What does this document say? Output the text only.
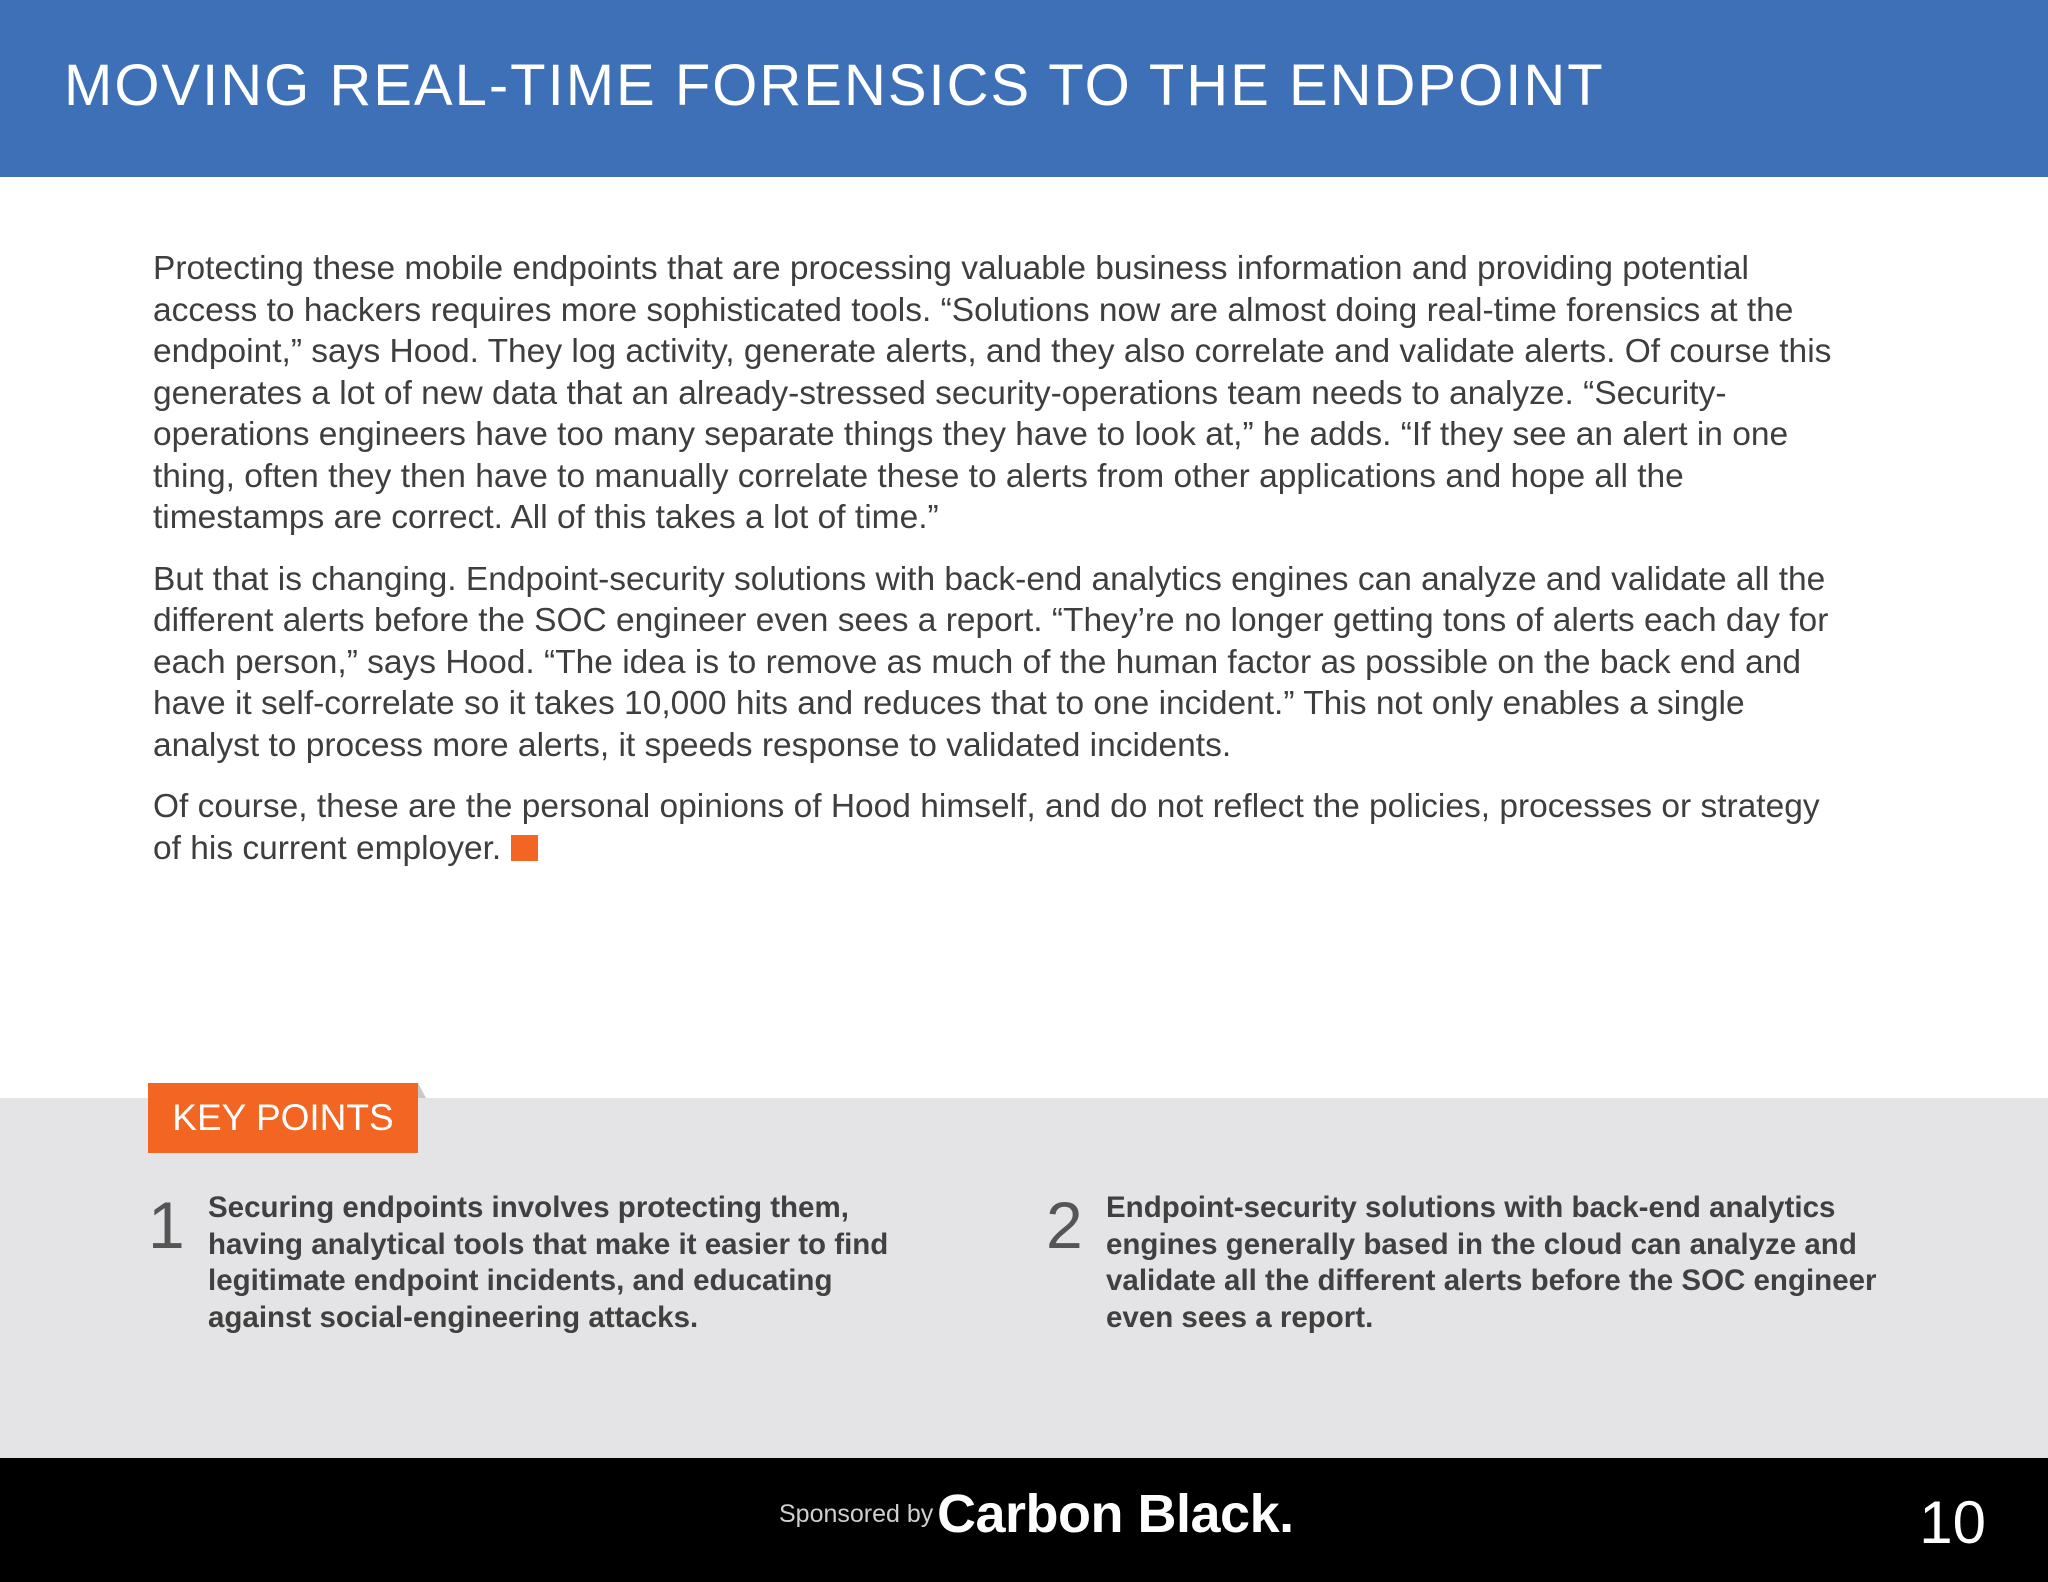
MOVING REAL-TIME FORENSICS TO THE ENDPOINT

Protecting these mobile endpoints that are processing valuable business information and providing potential access to hackers requires more sophisticated tools. “Solutions now are almost doing real-time forensics at the endpoint,” says Hood. They log activity, generate alerts, and they also correlate and validate alerts. Of course this generates a lot of new data that an already-stressed security-operations team needs to analyze. “Security-operations engineers have too many separate things they have to look at,” he adds. “If they see an alert in one thing, often they then have to manually correlate these to alerts from other applications and hope all the timestamps are correct. All of this takes a lot of time.”

But that is changing. Endpoint-security solutions with back-end analytics engines can analyze and validate all the different alerts before the SOC engineer even sees a report. “They’re no longer getting tons of alerts each day for each person,” says Hood. “The idea is to remove as much of the human factor as possible on the back end and have it self-correlate so it takes 10,000 hits and reduces that to one incident.” This not only enables a single analyst to process more alerts, it speeds response to validated incidents.

Of course, these are the personal opinions of Hood himself, and do not reflect the policies, processes or strategy of his current employer.

KEY POINTS
1 Securing endpoints involves protecting them, having analytical tools that make it easier to find legitimate endpoint incidents, and educating against social-engineering attacks.
2 Endpoint-security solutions with back-end analytics engines generally based in the cloud can analyze and validate all the different alerts before the SOC engineer even sees a report.
Sponsored by Carbon Black.	10
